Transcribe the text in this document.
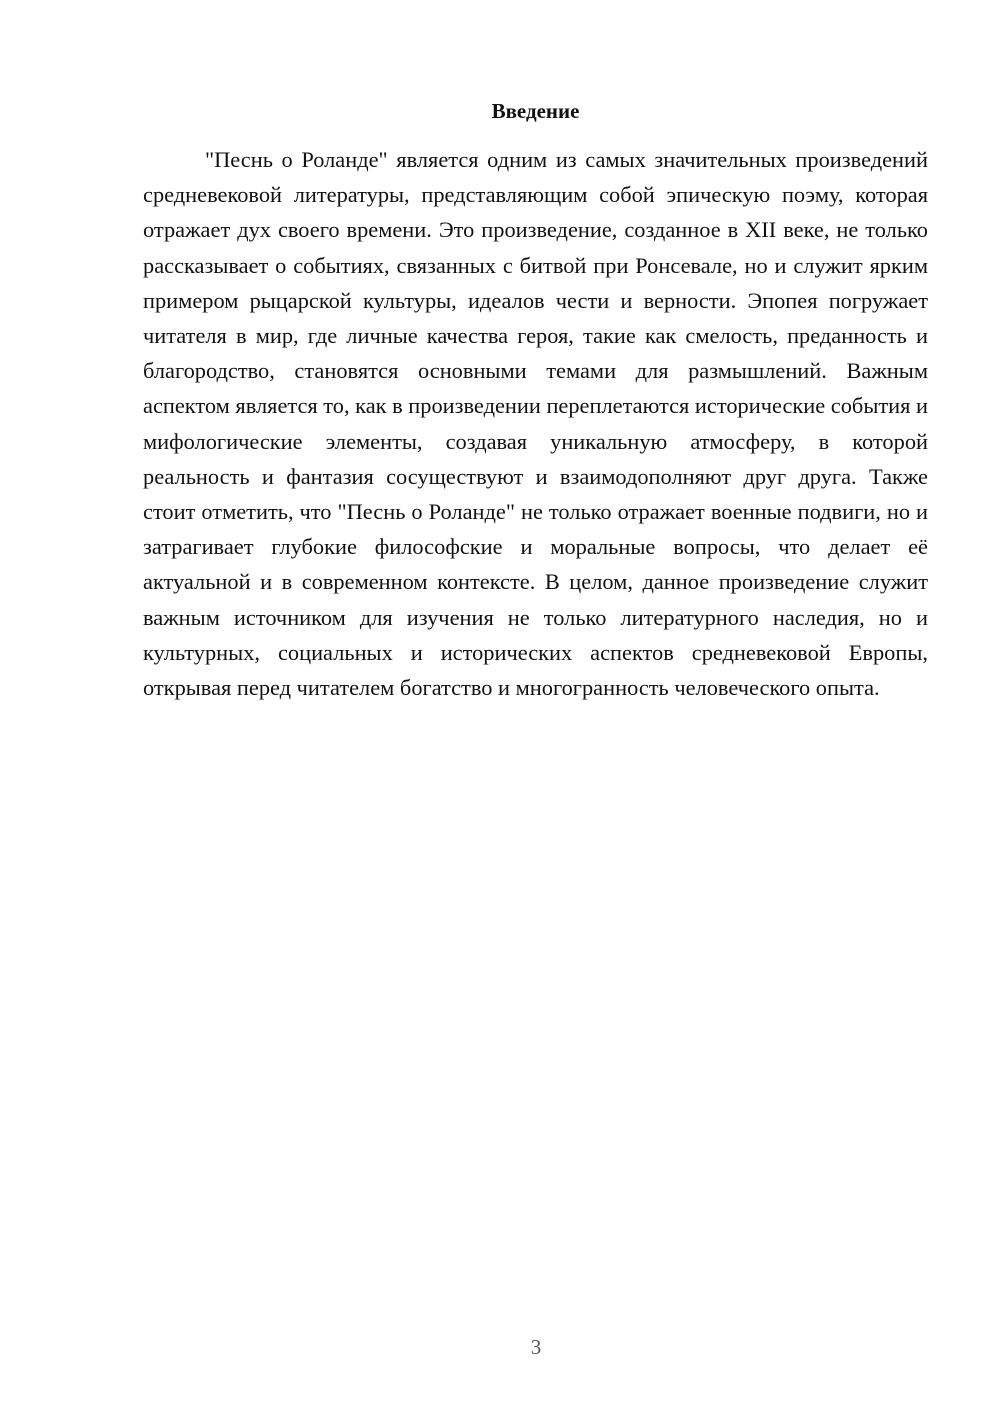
Введение

"Песнь о Роланде" является одним из самых значительных произведений средневековой литературы, представляющим собой эпическую поэму, которая отражает дух своего времени. Это произведение, созданное в XII веке, не только рассказывает о событиях, связанных с битвой при Ронсевале, но и служит ярким примером рыцарской культуры, идеалов чести и верности. Эпопея погружает читателя в мир, где личные качества героя, такие как смелость, преданность и благородство, становятся основными темами для размышлений. Важным аспектом является то, как в произведении переплетаются исторические события и мифологические элементы, создавая уникальную атмосферу, в которой реальность и фантазия сосуществуют и взаимодополняют друг друга. Также стоит отметить, что "Песнь о Роланде" не только отражает военные подвиги, но и затрагивает глубокие философские и моральные вопросы, что делает её актуальной и в современном контексте. В целом, данное произведение служит важным источником для изучения не только литературного наследия, но и культурных, социальных и исторических аспектов средневековой Европы, открывая перед читателем богатство и многогранность человеческого опыта.

3
